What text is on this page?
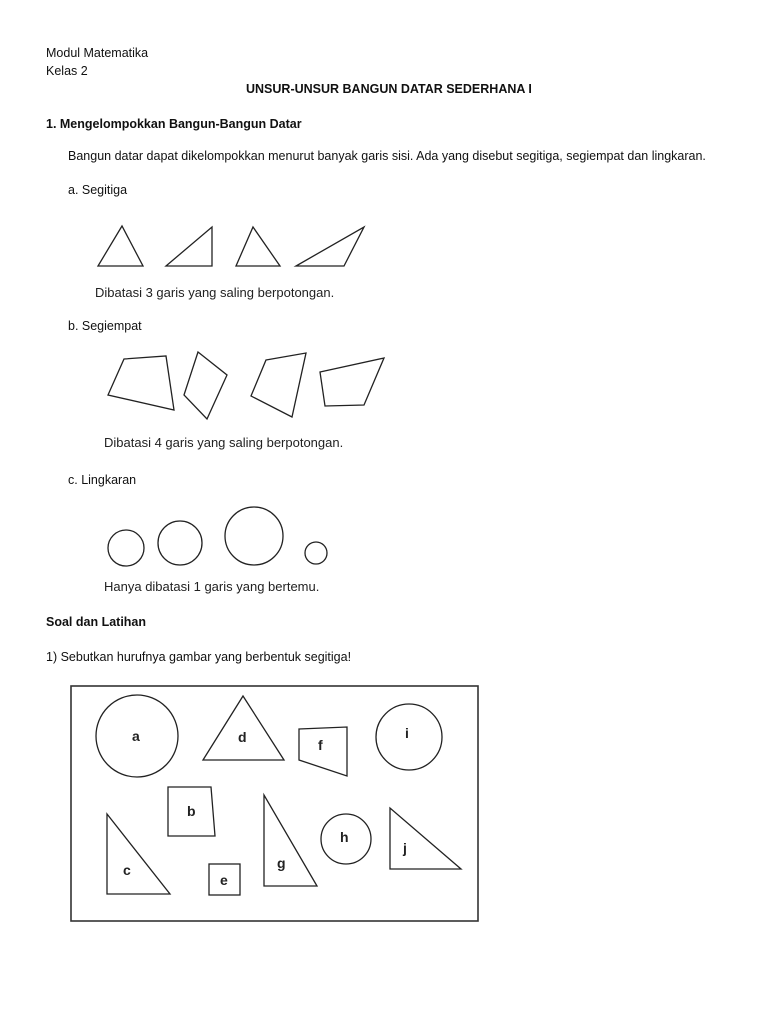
Modul Matematika
Kelas 2
UNSUR-UNSUR BANGUN DATAR SEDERHANA I
1. Mengelompokkan Bangun-Bangun Datar
Bangun datar dapat dikelompokkan menurut banyak garis sisi. Ada yang disebut segitiga, segiempat dan lingkaran.
a. Segitiga
Dibatasi 3 garis yang saling berpotongan.
b. Segiempat
Dibatasi 4 garis yang saling berpotongan.
c. Lingkaran
Hanya dibatasi 1 garis yang bertemu.
Soal dan Latihan
1) Sebutkan hurufnya gambar yang berbentuk segitiga!
a	d	f
i
b
c
e
g
h
j
